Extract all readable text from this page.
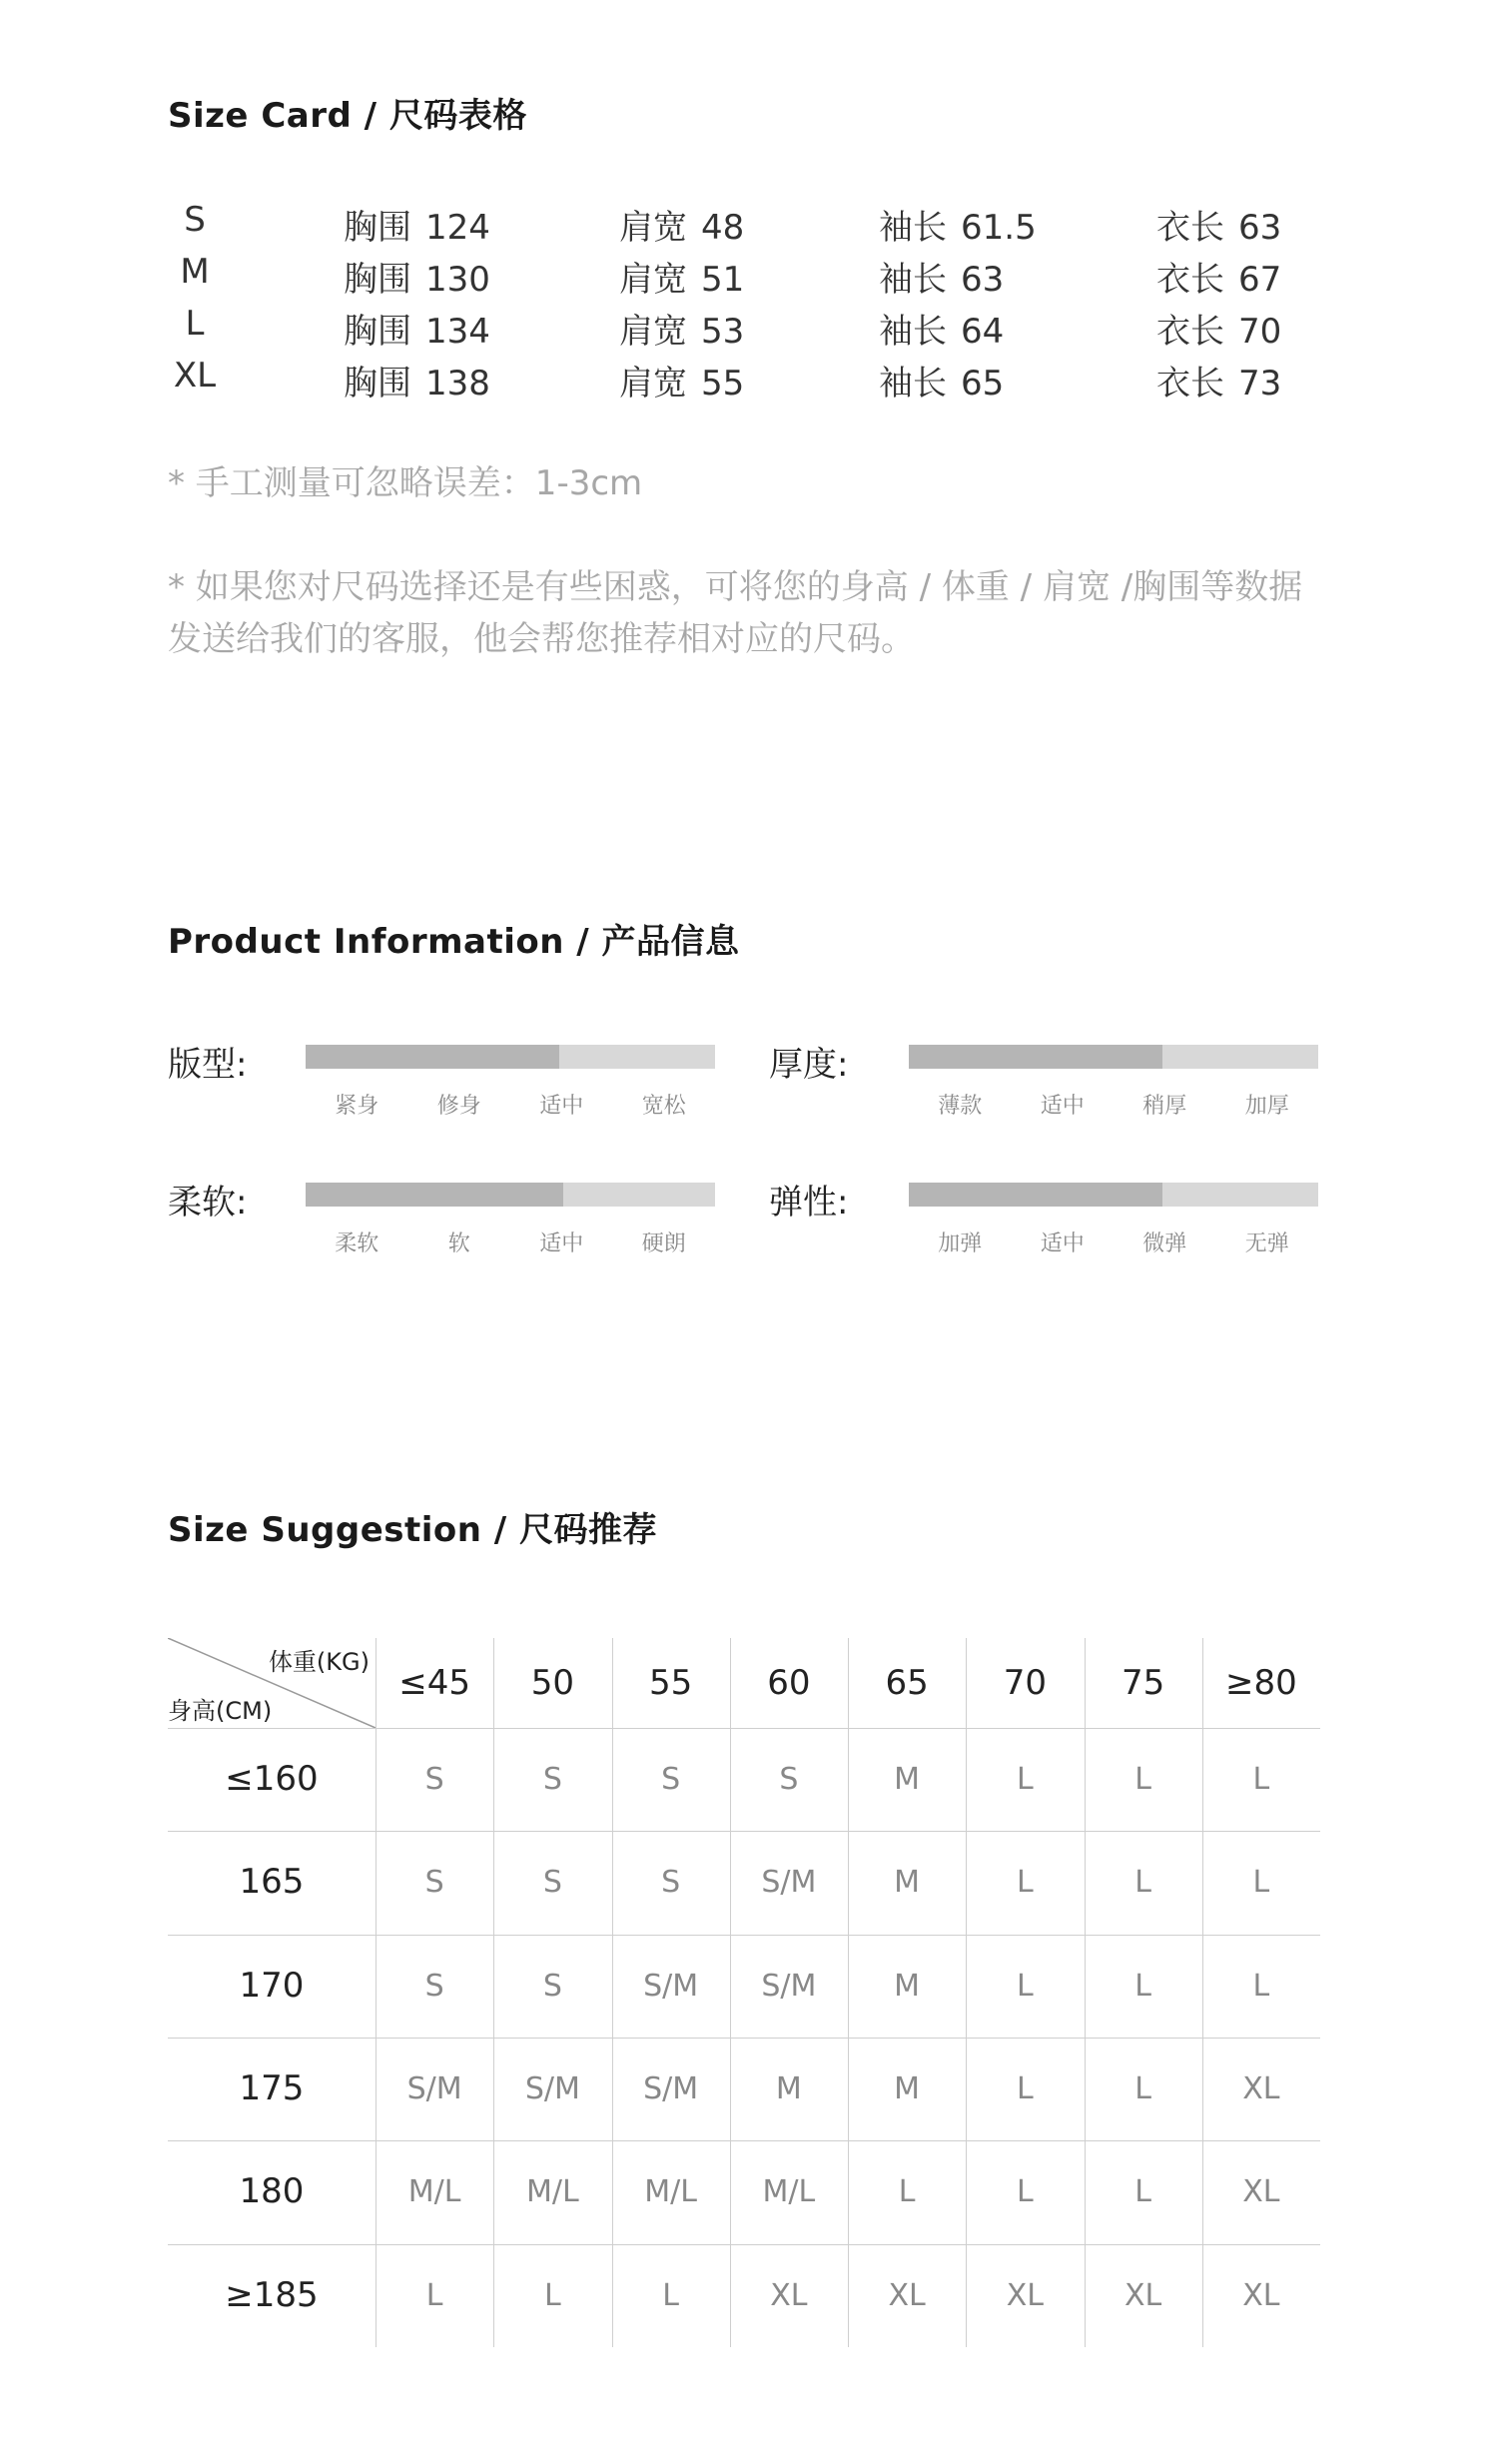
Size Card / 尺码表格
S	胸围 124	肩宽 48	袖长 61.5	衣长 63
M	胸围 130	肩宽 51	袖长 63	衣长 67
L	胸围 134	肩宽 53	袖长 64	衣长 70
XL	胸围 138	肩宽 55	袖长 65	衣长 73

* 手工测量可忽略误差：1-3cm

* 如果您对尺码选择还是有些困惑，可将您的身高 / 体重 / 肩宽 /胸围等数据发送给我们的客服，他会帮您推荐相对应的尺码。

Product Information / 产品信息
版型:
紧身	修身	适中	宽松
厚度:
薄款	适中	稍厚	加厚
柔软:
柔软	软	适中	硬朗
弹性:
加弹	适中	微弹	无弹
Size Suggestion / 尺码推荐
体重(KG)
身高(CM)
≤45	50	55	60	65	70	75	≥80
≤160	S	S	S	S	M	L	L	L
165	S	S	S	S/M	M	L	L	L
170	S	S	S/M	S/M	M	L	L	L
175	S/M	S/M	S/M	M	M	L	L	XL
180	M/L	M/L	M/L	M/L	L	L	L	XL
≥185	L	L	L	XL	XL	XL	XL	XL
